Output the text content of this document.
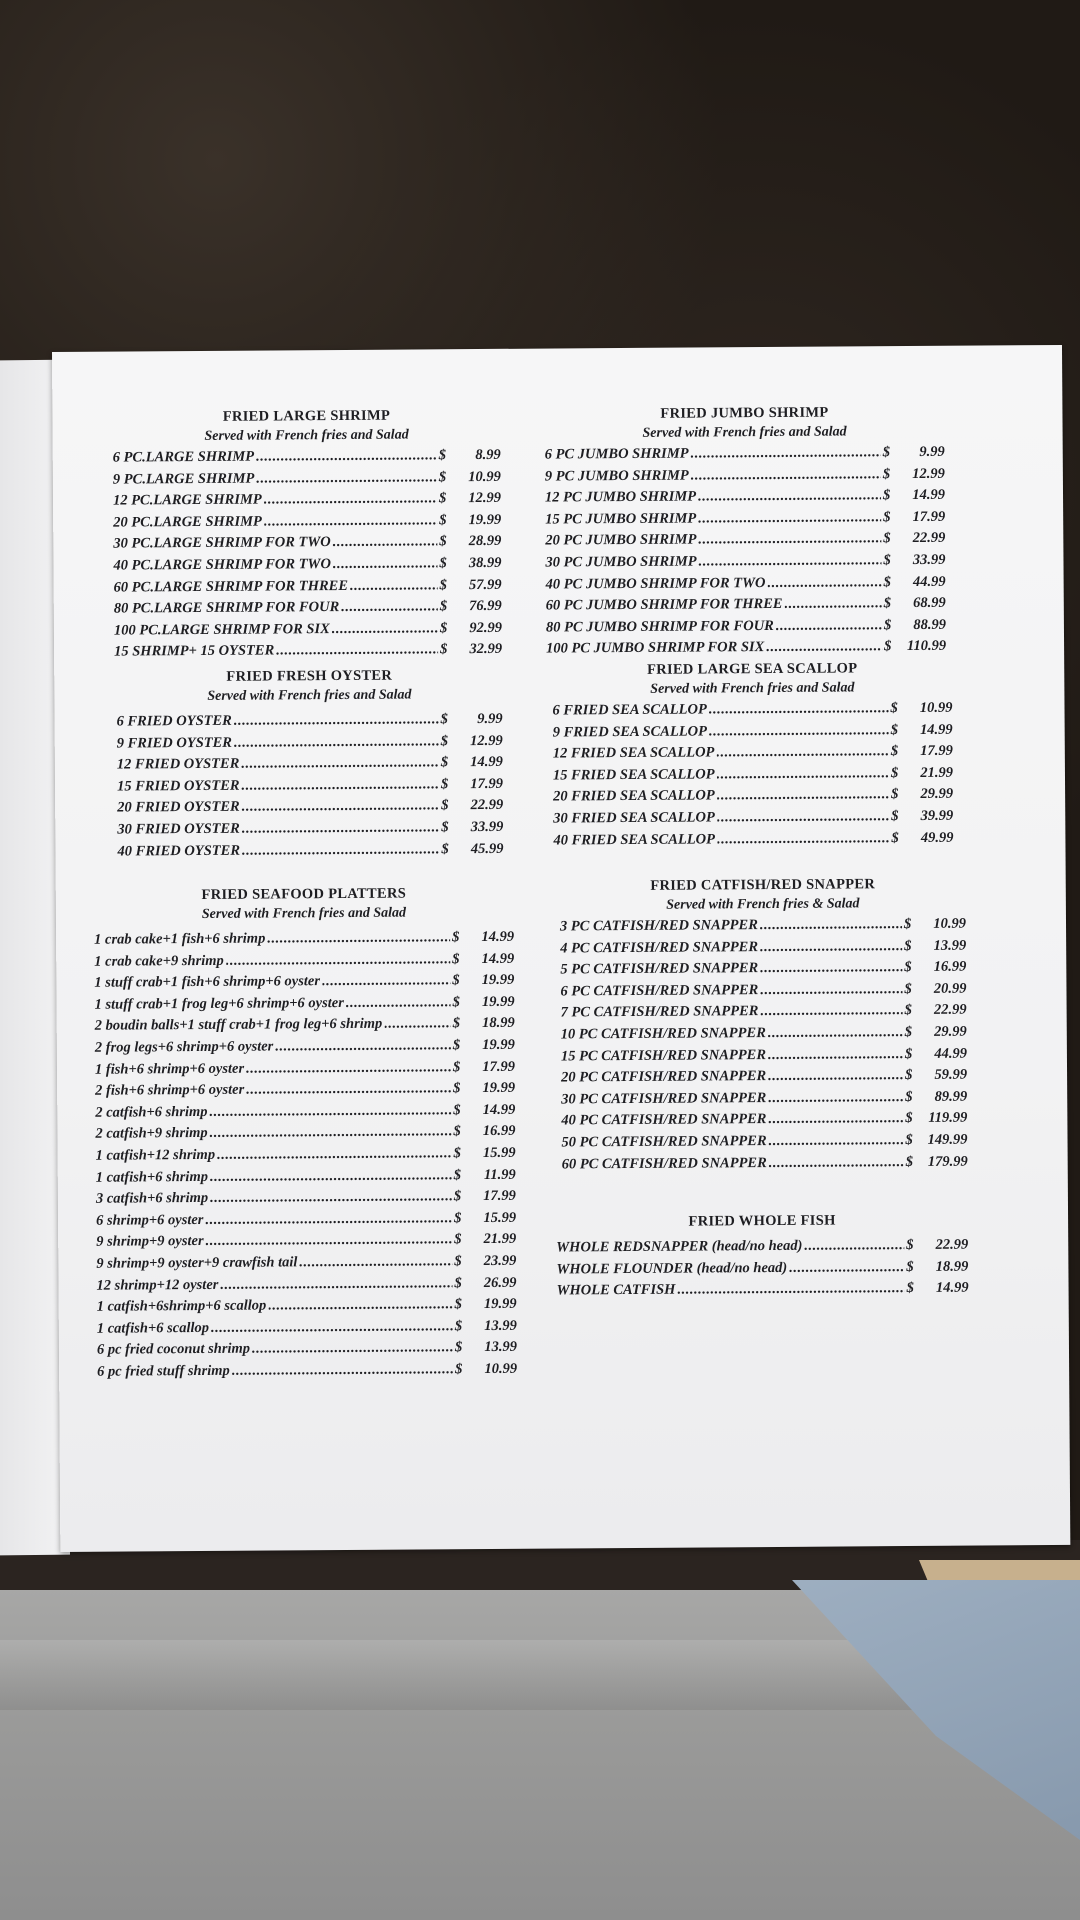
FRIED LARGE SHRIMP
Served with French fries and Salad
6 PC.LARGE SHRIMP .....	$	8.99
9 PC.LARGE SHRIMP .....	$	10.99
12 PC.LARGE SHRIMP .....	$	12.99
20 PC.LARGE SHRIMP .....	$	19.99
30 PC.LARGE SHRIMP FOR TWO .....	$	28.99
40 PC.LARGE SHRIMP FOR TWO .....	$	38.99
60 PC.LARGE SHRIMP FOR THREE .....	$	57.99
80 PC.LARGE SHRIMP FOR FOUR .....	$	76.99
100 PC.LARGE SHRIMP FOR SIX .....	$	92.99
15 SHRIMP+ 15 OYSTER .....	$	32.99
FRIED JUMBO SHRIMP
Served with French fries and Salad
6 PC JUMBO SHRIMP .....	$	9.99
9 PC JUMBO SHRIMP .....	$	12.99
12 PC JUMBO SHRIMP .....	$	14.99
15 PC JUMBO SHRIMP .....	$	17.99
20 PC JUMBO SHRIMP .....	$	22.99
30 PC JUMBO SHRIMP .....	$	33.99
40 PC JUMBO SHRIMP FOR TWO .....	$	44.99
60 PC JUMBO SHRIMP FOR THREE .....	$	68.99
80 PC JUMBO SHRIMP FOR FOUR .....	$	88.99
100 PC JUMBO SHRIMP FOR SIX .....	$	110.99
FRIED FRESH OYSTER
Served with French fries and Salad
6 FRIED OYSTER .....	$	9.99
9 FRIED OYSTER .....	$	12.99
12 FRIED OYSTER .....	$	14.99
15 FRIED OYSTER .....	$	17.99
20 FRIED OYSTER .....	$	22.99
30 FRIED OYSTER .....	$	33.99
40 FRIED OYSTER .....	$	45.99
FRIED LARGE SEA SCALLOP
Served with French fries and Salad
6 FRIED SEA SCALLOP .....	$	10.99
9 FRIED SEA SCALLOP .....	$	14.99
12 FRIED SEA SCALLOP .....	$	17.99
15 FRIED SEA SCALLOP .....	$	21.99
20 FRIED SEA SCALLOP .....	$	29.99
30 FRIED SEA SCALLOP .....	$	39.99
40 FRIED SEA SCALLOP .....	$	49.99
FRIED SEAFOOD PLATTERS
Served with French fries and Salad
1 crab cake+1 fish+6 shrimp .....	$	14.99
1 crab cake+9 shrimp .....	$	14.99
1 stuff crab+1 fish+6 shrimp+6 oyster .....	$	19.99
1 stuff crab+1 frog leg+6 shrimp+6 oyster .....	$	19.99
2 boudin balls+1 stuff crab+1 frog leg+6 shrimp .....	$	18.99
2 frog legs+6 shrimp+6 oyster .....	$	19.99
1 fish+6 shrimp+6 oyster .....	$	17.99
2 fish+6 shrimp+6 oyster .....	$	19.99
2 catfish+6 shrimp .....	$	14.99
2 catfish+9 shrimp .....	$	16.99
1 catfish+12 shrimp .....	$	15.99
1 catfish+6 shrimp .....	$	11.99
3 catfish+6 shrimp .....	$	17.99
6 shrimp+6 oyster .....	$	15.99
9 shrimp+9 oyster .....	$	21.99
9 shrimp+9 oyster+9 crawfish tail .....	$	23.99
12 shrimp+12 oyster .....	$	26.99
1 catfish+6shrimp+6 scallop .....	$	19.99
1 catfish+6 scallop .....	$	13.99
6 pc fried coconut shrimp .....	$	13.99
6 pc fried stuff shrimp .....	$	10.99
FRIED CATFISH/RED SNAPPER
Served with French fries & Salad
3 PC CATFISH/RED SNAPPER .....	$	10.99
4 PC CATFISH/RED SNAPPER .....	$	13.99
5 PC CATFISH/RED SNAPPER .....	$	16.99
6 PC CATFISH/RED SNAPPER .....	$	20.99
7 PC CATFISH/RED SNAPPER .....	$	22.99
10 PC CATFISH/RED SNAPPER .....	$	29.99
15 PC CATFISH/RED SNAPPER .....	$	44.99
20 PC CATFISH/RED SNAPPER .....	$	59.99
30 PC CATFISH/RED SNAPPER .....	$	89.99
40 PC CATFISH/RED SNAPPER .....	$	119.99
50 PC CATFISH/RED SNAPPER .....	$	149.99
60 PC CATFISH/RED SNAPPER .....	$	179.99
FRIED WHOLE FISH
WHOLE REDSNAPPER (head/no head) .....	$	22.99
WHOLE FLOUNDER (head/no head) .....	$	18.99
WHOLE CATFISH .....	$	14.99
